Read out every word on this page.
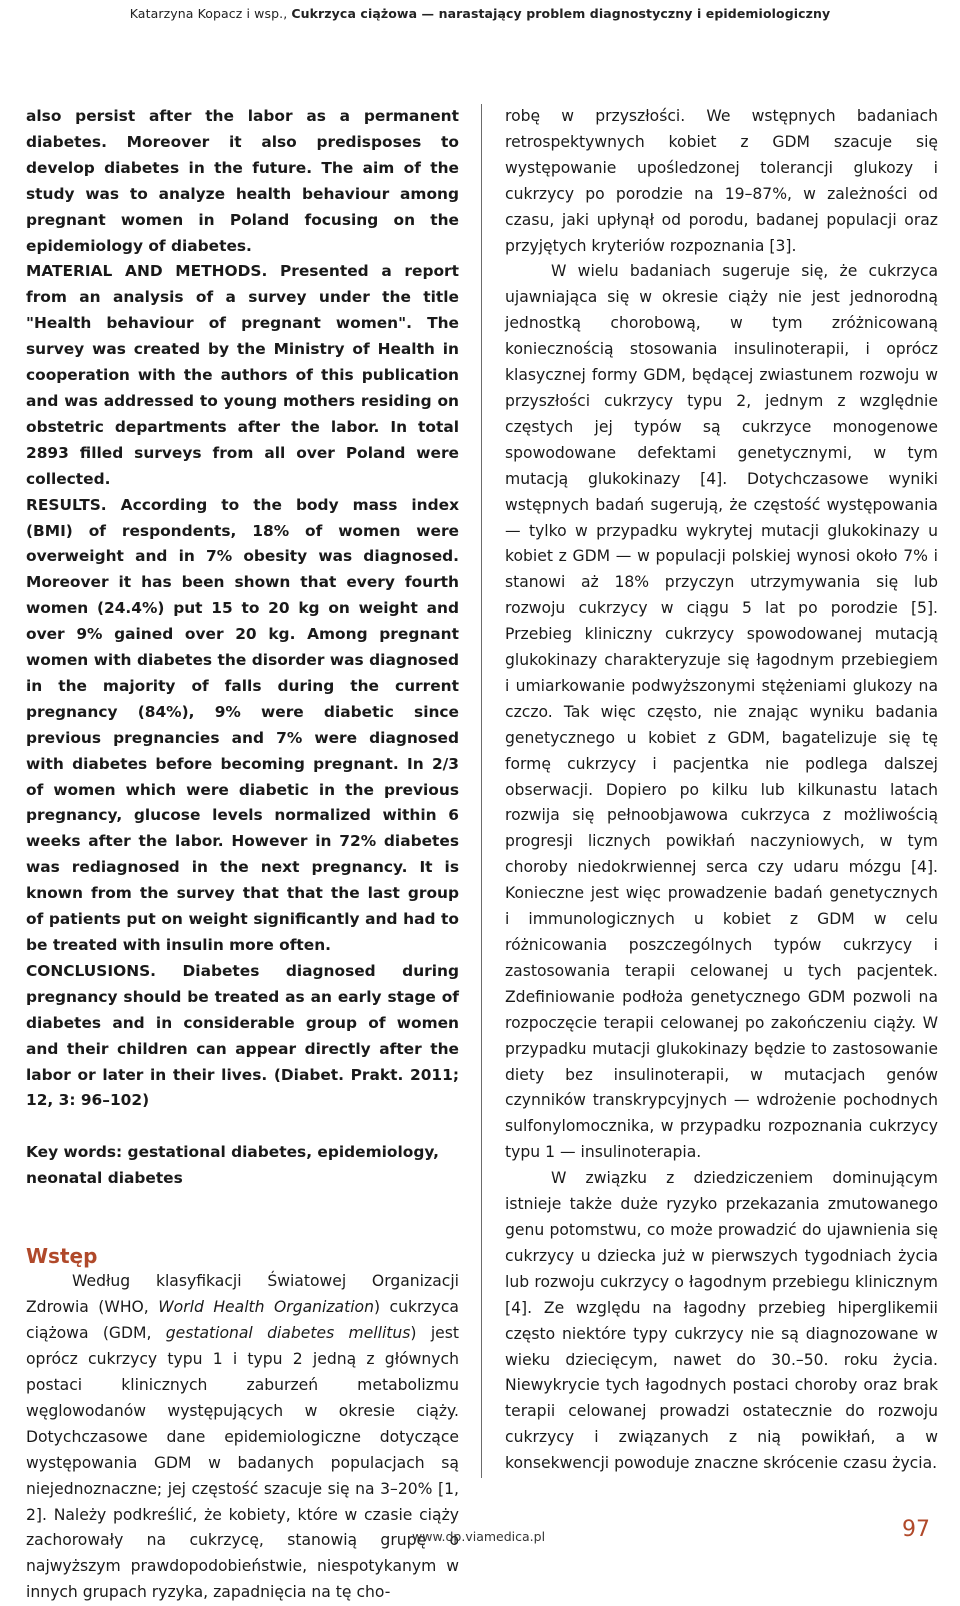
Katarzyna Kopacz i wsp., Cukrzyca ciążowa — narastający problem diagnostyczny i epidemiologiczny

also persist after the labor as a permanent diabetes. Moreover it also predisposes to develop diabetes in the future. The aim of the study was to analyze health behaviour among pregnant women in Poland focusing on the epidemiology of diabetes.
MATERIAL AND METHODS. Presented a report from an analysis of a survey under the title "Health behaviour of pregnant women". The survey was created by the Ministry of Health in cooperation with the authors of this publication and was addressed to young mothers residing on obstetric departments after the labor. In total 2893 filled surveys from all over Poland were collected.
RESULTS. According to the body mass index (BMI) of respondents, 18% of women were overweight and in 7% obesity was diagnosed. Moreover it has been shown that every fourth women (24.4%) put 15 to 20 kg on weight and over 9% gained over 20 kg. Among pregnant women with diabetes the disorder was diagnosed in the majority of falls during the current pregnancy (84%), 9% were diabetic since previous pregnancies and 7% were diagnosed with diabetes before becoming pregnant. In 2/3 of women which were diabetic in the previous pregnancy, glucose levels normalized within 6 weeks after the labor. However in 72% diabetes was rediagnosed in the next pregnancy. It is known from the survey that that the last group of patients put on weight significantly and had to be treated with insulin more often.
CONCLUSIONS. Diabetes diagnosed during pregnancy should be treated as an early stage of diabetes and in considerable group of women and their children can appear directly after the labor or later in their lives. (Diabet. Prakt. 2011; 12, 3: 96–102)

Key words: gestational diabetes, epidemiology, neonatal diabetes
Wstęp

Według klasyfikacji Światowej Organizacji Zdrowia (WHO, World Health Organization) cukrzyca ciążowa (GDM, gestational diabetes mellitus) jest oprócz cukrzycy typu 1 i typu 2 jedną z głównych postaci klinicznych zaburzeń metabolizmu węglowodanów występujących w okresie ciąży. Dotychczasowe dane epidemiologiczne dotyczące występowania GDM w badanych populacjach są niejednoznaczne; jej częstość szacuje się na 3–20% [1, 2]. Należy podkreślić, że kobiety, które w czasie ciąży zachorowały na cukrzycę, stanowią grupę o najwyższym prawdopodobieństwie, niespotykanym w innych grupach ryzyka, zapadnięcia na tę cho-

robę w przyszłości. We wstępnych badaniach retrospektywnych kobiet z GDM szacuje się występowanie upośledzonej tolerancji glukozy i cukrzycy po porodzie na 19–87%, w zależności od czasu, jaki upłynął od porodu, badanej populacji oraz przyjętych kryteriów rozpoznania [3].

W wielu badaniach sugeruje się, że cukrzyca ujawniająca się w okresie ciąży nie jest jednorodną jednostką chorobową, w tym zróżnicowaną koniecznością stosowania insulinoterapii, i oprócz klasycznej formy GDM, będącej zwiastunem rozwoju w przyszłości cukrzycy typu 2, jednym z względnie częstych jej typów są cukrzyce monogenowe spowodowane defektami genetycznymi, w tym mutacją glukokinazy [4]. Dotychczasowe wyniki wstępnych badań sugerują, że częstość występowania — tylko w przypadku wykrytej mutacji glukokinazy u kobiet z GDM — w populacji polskiej wynosi około 7% i stanowi aż 18% przyczyn utrzymywania się lub rozwoju cukrzycy w ciągu 5 lat po porodzie [5]. Przebieg kliniczny cukrzycy spowodowanej mutacją glukokinazy charakteryzuje się łagodnym przebiegiem i umiarkowanie podwyższonymi stężeniami glukozy na czczo. Tak więc często, nie znając wyniku badania genetycznego u kobiet z GDM, bagatelizuje się tę formę cukrzycy i pacjentka nie podlega dalszej obserwacji. Dopiero po kilku lub kilkunastu latach rozwija się pełnoobjawowa cukrzyca z możliwością progresji licznych powikłań naczyniowych, w tym choroby niedokrwiennej serca czy udaru mózgu [4]. Konieczne jest więc prowadzenie badań genetycznych i immunologicznych u kobiet z GDM w celu różnicowania poszczególnych typów cukrzycy i zastosowania terapii celowanej u tych pacjentek. Zdefiniowanie podłoża genetycznego GDM pozwoli na rozpoczęcie terapii celowanej po zakończeniu ciąży. W przypadku mutacji glukokinazy będzie to zastosowanie diety bez insulinoterapii, w mutacjach genów czynników transkrypcyjnych — wdrożenie pochodnych sulfonylomocznika, w przypadku rozpoznania cukrzycy typu 1 — insulinoterapia.

W związku z dziedziczeniem dominującym istnieje także duże ryzyko przekazania zmutowanego genu potomstwu, co może prowadzić do ujawnienia się cukrzycy u dziecka już w pierwszych tygodniach życia lub rozwoju cukrzycy o łagodnym przebiegu klinicznym [4]. Ze względu na łagodny przebieg hiperglikemii często niektóre typy cukrzycy nie są diagnozowane w wieku dziecięcym, nawet do 30.–50. roku życia. Niewykrycie tych łagodnych postaci choroby oraz brak terapii celowanej prowadzi ostatecznie do rozwoju cukrzycy i związanych z nią powikłań, a w konsekwencji powoduje znaczne skrócenie czasu życia.

www.dp.viamedica.pl	97
